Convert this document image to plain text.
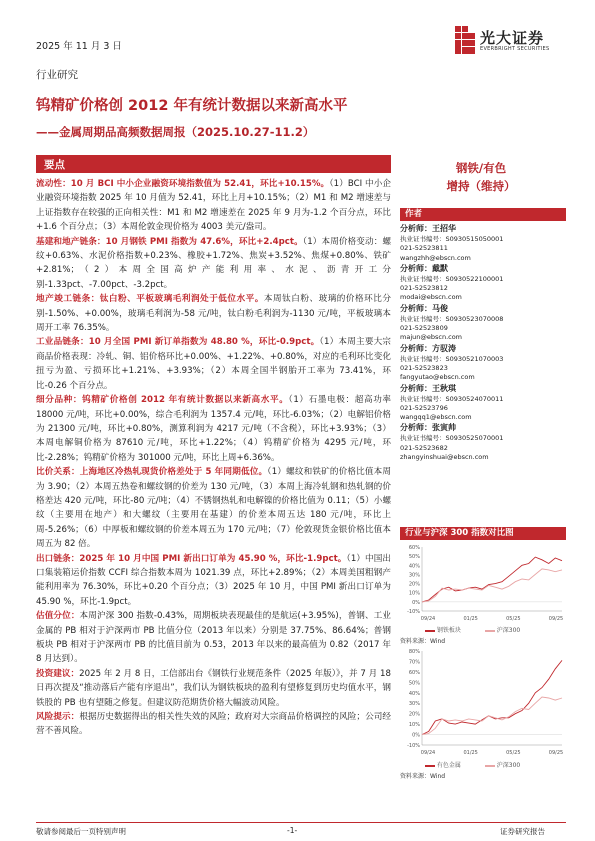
2025 年 11 月 3 日	光大证券
EVERBRIGHT SECURITIES
行业研究
钨精矿价格创 2012 年有统计数据以来新高水平
——金属周期品高频数据周报（2025.10.27-11.2）
要点

流动性：10 月 BCI 中小企业融资环境指数值为 52.41，环比+10.15%。（1）BCI 中小企业融资环境指数 2025 年 10 月值为 52.41，环比上月+10.15%；（2）M1 和 M2 增速差与上证指数存在较强的正向相关性：M1 和 M2 增速差在 2025 年 9 月为-1.2 个百分点，环比+1.6 个百分点；（3）本周伦敦金现价格为 4003 美元/盎司。

基建和地产链条：10 月钢铁 PMI 指数为 47.6%，环比+2.4pct。（1）本周价格变动：螺纹+0.63%、水泥价格指数+0.23%、橡胶+1.72%、焦炭+3.52%、焦煤+0.80%、铁矿+2.81%；（2）本周全国高炉产能利用率、水泥、沥青开工分别-1.33pct、-7.00pct、-3.2pct。

地产竣工链条：钛白粉、平板玻璃毛利润处于低位水平。本周钛白粉、玻璃的价格环比分别-1.50%、+0.00%，玻璃毛利润为-58 元/吨，钛白粉毛利润为-1130 元/吨，平板玻璃本周开工率 76.35%。

工业品链条：10 月全国 PMI 新订单指数为 48.80 %，环比-0.9pct。（1）本周主要大宗商品价格表现：冷轧、铜、铝价格环比+0.00%、+1.22%、+0.80%，对应的毛利环比变化扭亏为盈、亏损环比+1.21%、+3.93%；（2）本周全国半钢胎开工率为 73.41%，环比-0.26 个百分点。

细分品种：钨精矿价格创 2012 年有统计数据以来新高水平。（1）石墨电极：超高功率 18000 元/吨，环比+0.00%，综合毛利润为 1357.4 元/吨，环比-6.03%；（2）电解铝价格为 21300 元/吨，环比+0.80%，测算利润为 4217 元/吨（不含税），环比+3.93%；（3）本周电解铜价格为 87610 元/吨，环比+1.22%；（4）钨精矿价格为 4295 元/吨，环比-2.28%；钨精矿价格为 301000 元/吨，环比上周+6.36%。

比价关系：上海地区冷热轧现货价格差处于 5 年同期低位。（1）螺纹和铁矿的价格比值本周为 3.90；（2）本周五热卷和螺纹钢的价差为 130 元/吨，（3）本周上海冷轧钢和热轧钢的价格差达 420 元/吨，环比-80 元/吨；（4）不锈钢热轧和电解镍的价格比值为 0.11；（5）小螺纹（主要用在地产）和大螺纹（主要用在基建）的价差本周五达 180 元/吨，环比上周-5.26%；（6）中厚板和螺纹钢的价差本周五为 170 元/吨；（7）伦敦现货金银价格比值本周五为 82 倍。

出口链条：2025 年 10 月中国 PMI 新出口订单为 45.90 %，环比-1.9pct。（1）中国出口集装箱运价指数 CCFI 综合指数本周为 1021.39 点，环比+2.89%；（2）本周美国粗钢产能利用率为 76.30%，环比+0.20 个百分点；（3）2025 年 10 月，中国 PMI 新出口订单为 45.90 %，环比-1.9pct。

估值分位：本周沪深 300 指数-0.43%，周期板块表现最佳的是航运(+3.95%)，普钢、工业金属的 PB 相对于沪深两市 PB 比值分位（2013 年以来）分别是 37.75%、86.64%；普钢板块 PB 相对于沪深两市 PB 的比值目前为 0.53，2013 年以来的最高值为 0.82（2017 年 8 月达到）。

投资建议：2025 年 2 月 8 日，工信部出台《钢铁行业规范条件（2025 年版）》，并 7 月 18 日再次提及“推动落后产能有序退出”，我们认为钢铁板块的盈利有望修复到历史均值水平，钢铁股的 PB 也有望随之修复。但建议防范期货价格大幅波动风险。

风险提示：根据历史数据得出的相关性失效的风险；政府对大宗商品价格调控的风险；公司经营不善风险。

钢铁/有色
增持（维持）
作者
分析师：王招华
执业证书编号：S0930515050001
021-52523811
wangzhh@ebscn.com
分析师：戴默
执业证书编号：S0930522100001
021-52523812
modai@ebscn.com
分析师：马俊
执业证书编号：S0930523070008
021-52523809
majun@ebscn.com
分析师：方驭涛
执业证书编号：S0930521070003
021-52523823
fangyutao@ebscn.com
分析师：王秋琪
执业证书编号：S0930524070011
021-52523796
wangqq1@ebscn.com
分析师：张寅帅
执业证书编号：S0930525070001
021-52523682
zhangyinshuai@ebscn.com
行业与沪深 300 指数对比图
-10%
0%
10%
20%
30%
40%
50%
60%
09/24	01/25	05/25	09/25
钢铁板块	沪深300
资料来源：Wind
-10%
0%
10%
20%
30%
40%
50%
60%
70%
80%
09/24	01/25	05/25	09/25
有色金属	沪深300
资料来源：Wind
敬请参阅最后一页特别声明	-1-	证券研究报告
